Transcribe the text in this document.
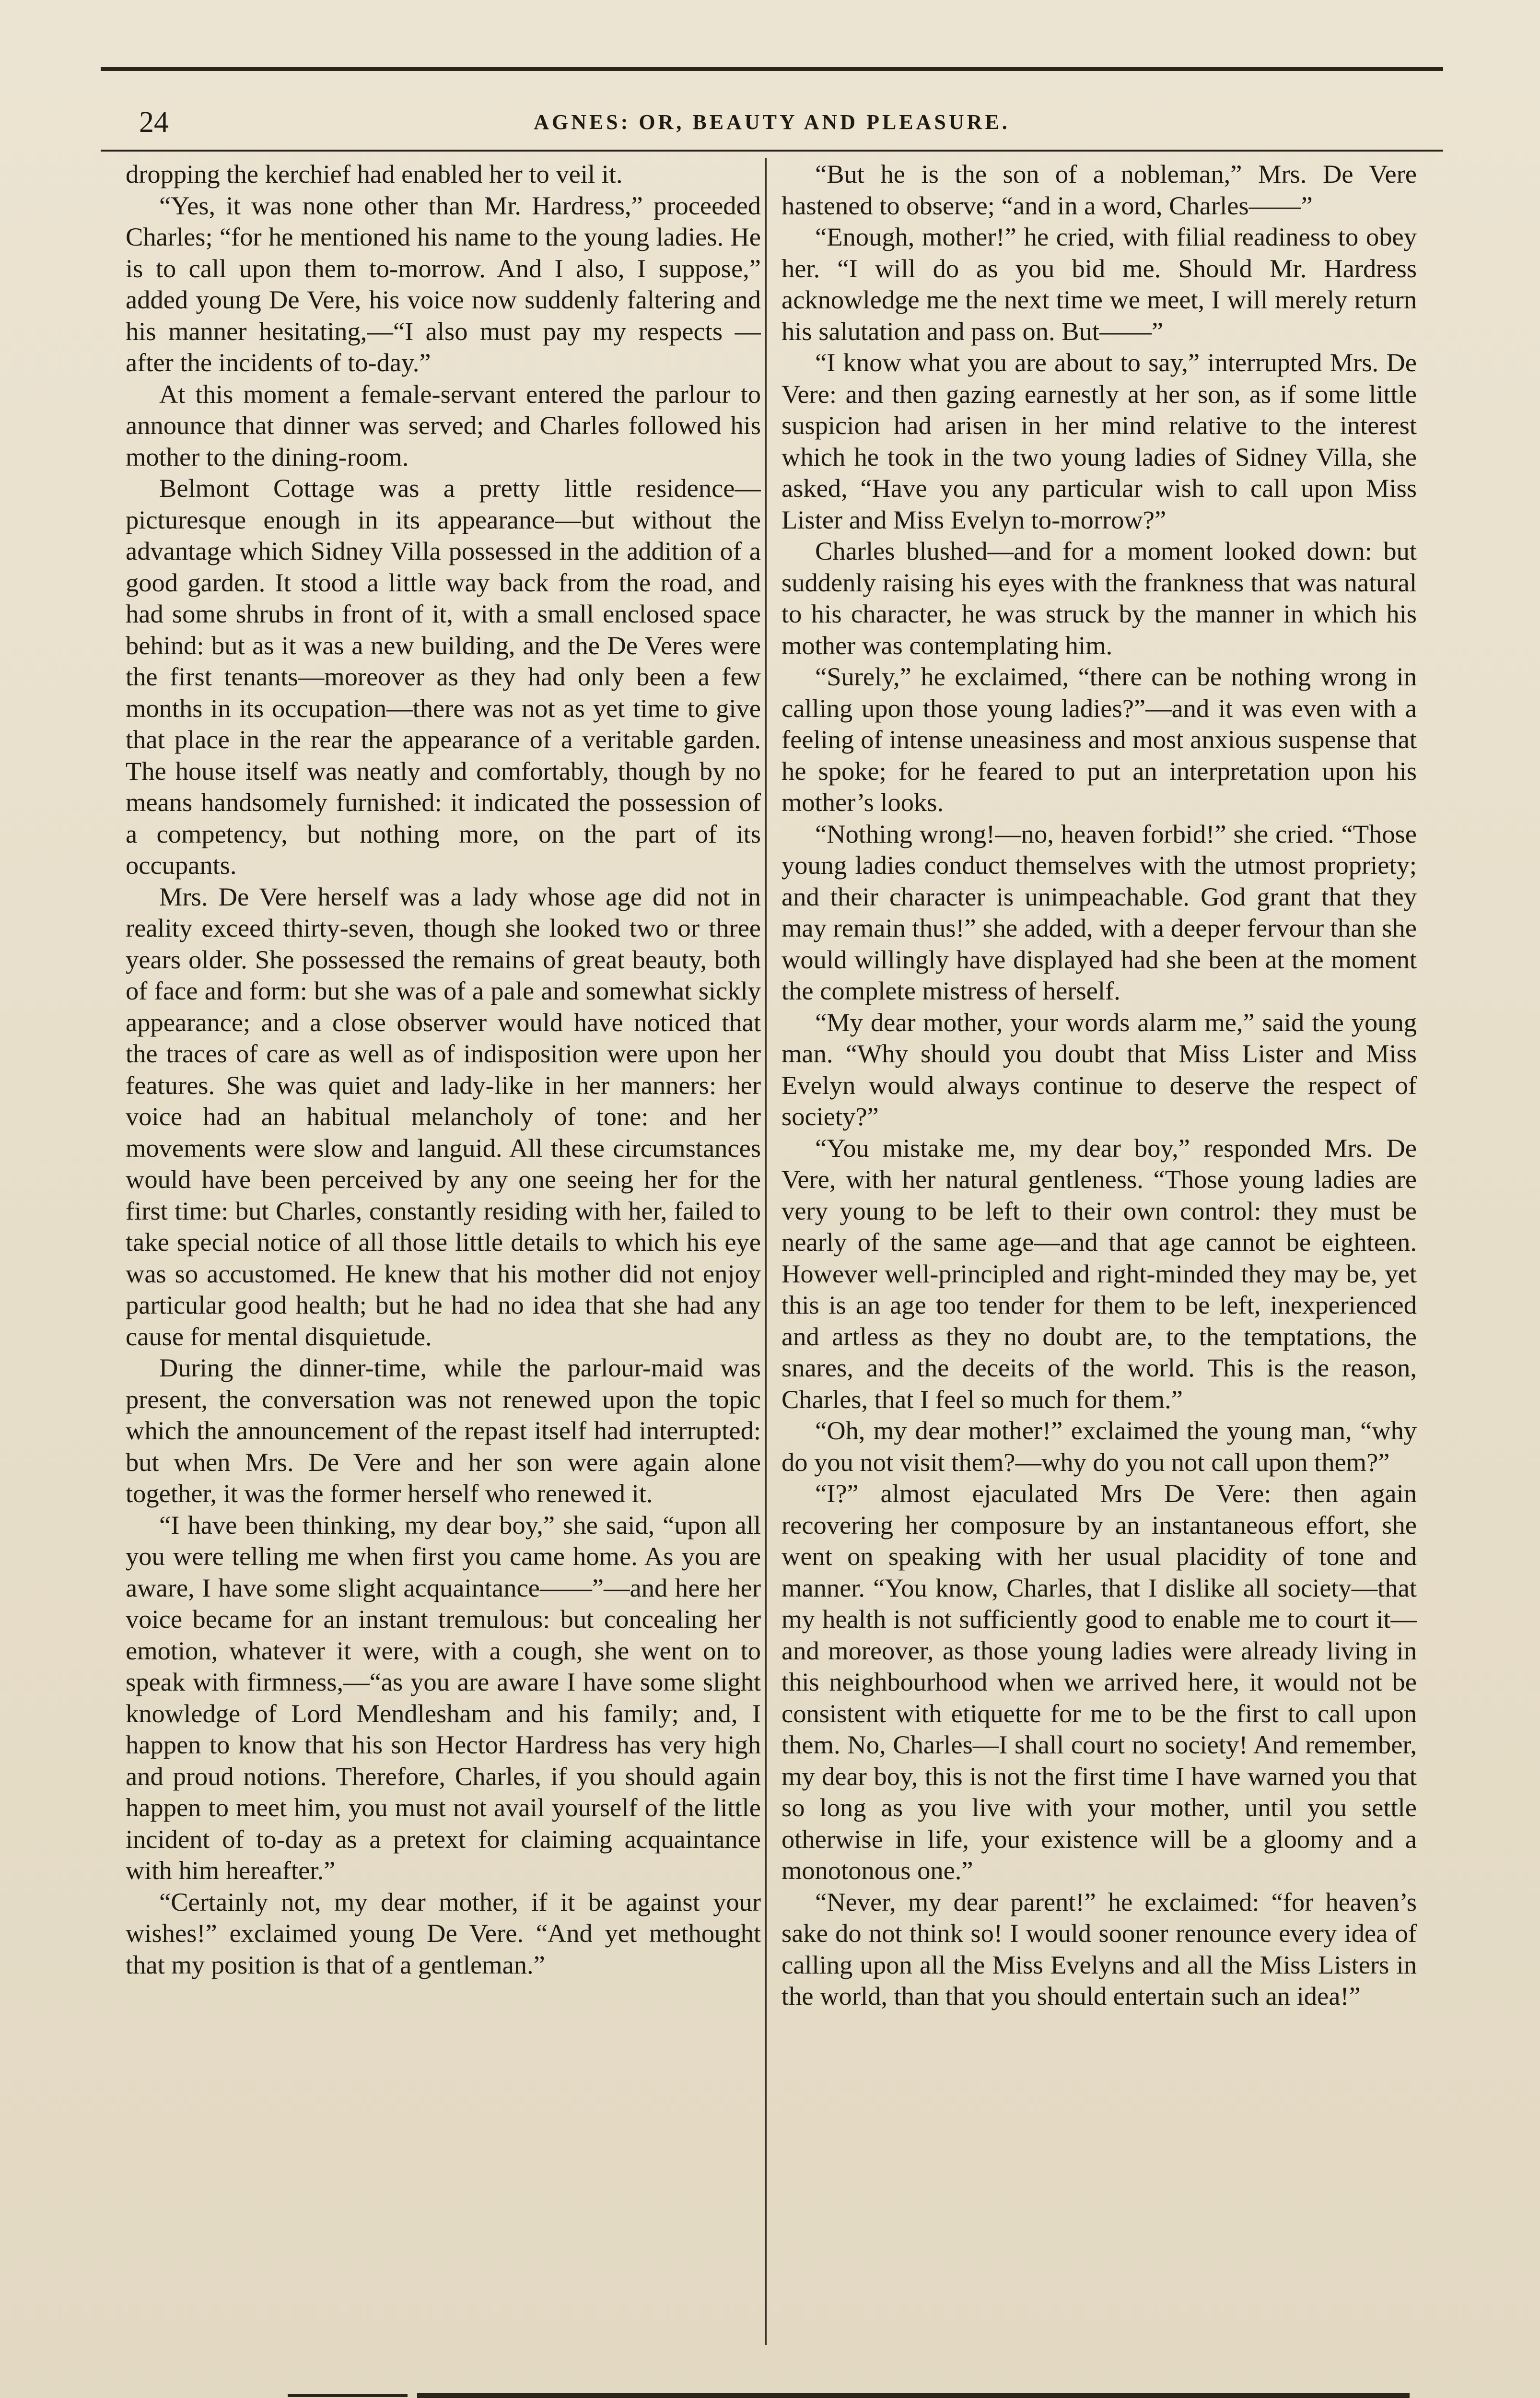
AGNES: OR, BEAUTY AND PLEASURE.
24

dropping the kerchief had enabled her to veil it.

“Yes, it was none other than Mr. Hardress,” proceeded Charles; “for he mentioned his name to the young ladies. He is to call upon them to-morrow. And I also, I suppose,” added young De Vere, his voice now suddenly faltering and his manner hesitating,—“I also must pay my respects —after the incidents of to-day.”

At this moment a female-servant entered the parlour to announce that dinner was served; and Charles followed his mother to the dining-room.

Belmont Cottage was a pretty little residence—picturesque enough in its appearance—but without the advantage which Sidney Villa possessed in the addition of a good garden. It stood a little way back from the road, and had some shrubs in front of it, with a small enclosed space behind: but as it was a new building, and the De Veres were the first tenants—moreover as they had only been a few months in its occupation—there was not as yet time to give that place in the rear the appearance of a veritable garden. The house itself was neatly and comfortably, though by no means handsomely furnished: it indicated the possession of a competency, but nothing more, on the part of its occupants.

Mrs. De Vere herself was a lady whose age did not in reality exceed thirty-seven, though she looked two or three years older. She possessed the remains of great beauty, both of face and form: but she was of a pale and somewhat sickly appearance; and a close observer would have noticed that the traces of care as well as of indisposition were upon her features. She was quiet and lady-like in her manners: her voice had an habitual melancholy of tone: and her movements were slow and languid. All these circumstances would have been perceived by any one seeing her for the first time: but Charles, constantly residing with her, failed to take special notice of all those little details to which his eye was so accustomed. He knew that his mother did not enjoy particular good health; but he had no idea that she had any cause for mental disquietude.

During the dinner-time, while the parlour-maid was present, the conversation was not renewed upon the topic which the announcement of the repast itself had interrupted: but when Mrs. De Vere and her son were again alone together, it was the former herself who renewed it.

“I have been thinking, my dear boy,” she said, “upon all you were telling me when first you came home. As you are aware, I have some slight acquaintance——”—and here her voice became for an instant tremulous: but concealing her emotion, whatever it were, with a cough, she went on to speak with firmness,—“as you are aware I have some slight knowledge of Lord Mendlesham and his family; and, I happen to know that his son Hector Hardress has very high and proud notions. Therefore, Charles, if you should again happen to meet him, you must not avail yourself of the little incident of to-day as a pretext for claiming acquaintance with him hereafter.”

“Certainly not, my dear mother, if it be against your wishes!” exclaimed young De Vere. “And yet methought that my position is that of a gentleman.”

“But he is the son of a nobleman,” Mrs. De Vere hastened to observe; “and in a word, Charles——”

“Enough, mother!” he cried, with filial readiness to obey her. “I will do as you bid me. Should Mr. Hardress acknowledge me the next time we meet, I will merely return his salutation and pass on. But——”

“I know what you are about to say,” interrupted Mrs. De Vere: and then gazing earnestly at her son, as if some little suspicion had arisen in her mind relative to the interest which he took in the two young ladies of Sidney Villa, she asked, “Have you any particular wish to call upon Miss Lister and Miss Evelyn to-morrow?”

Charles blushed—and for a moment looked down: but suddenly raising his eyes with the frankness that was natural to his character, he was struck by the manner in which his mother was contemplating him.

“Surely,” he exclaimed, “there can be nothing wrong in calling upon those young ladies?”—and it was even with a feeling of intense uneasiness and most anxious suspense that he spoke; for he feared to put an interpretation upon his mother’s looks.

“Nothing wrong!—no, heaven forbid!” she cried. “Those young ladies conduct themselves with the utmost propriety; and their character is unimpeachable. God grant that they may remain thus!” she added, with a deeper fervour than she would willingly have displayed had she been at the moment the complete mistress of herself.

“My dear mother, your words alarm me,” said the young man. “Why should you doubt that Miss Lister and Miss Evelyn would always continue to deserve the respect of society?”

“You mistake me, my dear boy,” responded Mrs. De Vere, with her natural gentleness. “Those young ladies are very young to be left to their own control: they must be nearly of the same age—and that age cannot be eighteen. However well-principled and right-minded they may be, yet this is an age too tender for them to be left, inexperienced and artless as they no doubt are, to the temptations, the snares, and the deceits of the world. This is the reason, Charles, that I feel so much for them.”

“Oh, my dear mother!” exclaimed the young man, “why do you not visit them?—why do you not call upon them?”

“I?” almost ejaculated Mrs De Vere: then again recovering her composure by an instantaneous effort, she went on speaking with her usual placidity of tone and manner. “You know, Charles, that I dislike all society—that my health is not sufficiently good to enable me to court it—and moreover, as those young ladies were already living in this neighbourhood when we arrived here, it would not be consistent with etiquette for me to be the first to call upon them. No, Charles—I shall court no society! And remember, my dear boy, this is not the first time I have warned you that so long as you live with your mother, until you settle otherwise in life, your existence will be a gloomy and a monotonous one.”

“Never, my dear parent!” he exclaimed: “for heaven’s sake do not think so! I would sooner renounce every idea of calling upon all the Miss Evelyns and all the Miss Listers in the world, than that you should entertain such an idea!”
